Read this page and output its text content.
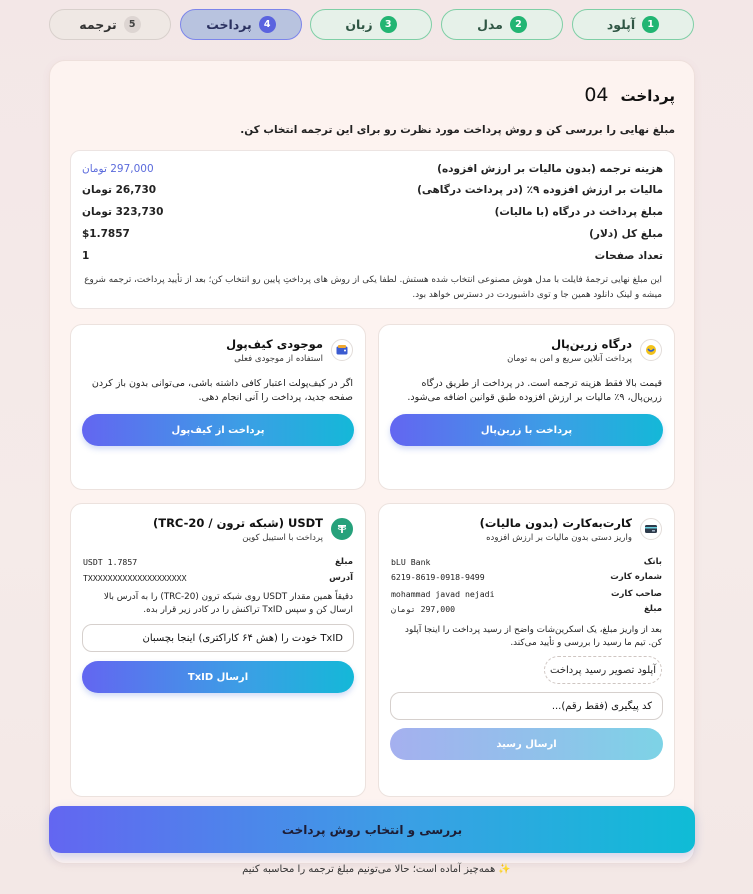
1
آپلود
2
مدل
3
زبان
4
پرداخت
5
ترجمه
پرداخت
04
مبلغ نهایی را بررسی کن و روش پرداخت مورد نظرت رو برای این ترجمه انتخاب کن.
هزینه ترجمه (بدون مالیات بر ارزش افزوده)
297,000 تومان
مالیات بر ارزش افزوده ۹٪ (در پرداخت درگاهی)
26,730 تومان
مبلغ پرداخت در درگاه (با مالیات)
323,730 تومان
مبلغ کل (دلار)
$1.7857
تعداد صفحات
1
این مبلغ نهایی ترجمهٔ فایلت با مدل هوش مصنوعی انتخاب شده هستش. لطفا یکی از روش های پرداختِ پایین رو انتخاب کن؛ بعد از تأیید پرداخت، ترجمه شروع میشه و لینک دانلود همین جا و توی داشبوردت در دسترس خواهد بود.
درگاه زرین‌پال
پرداخت آنلاین سریع و امن به تومان
قیمت بالا فقط هزینه ترجمه است. در پرداخت از طریق درگاه زرین‌پال، ۹٪ مالیات بر ارزش افزوده طبق قوانین اضافه می‌شود.
پرداخت با زرین‌پال
موجودی کیف‌پول
استفاده از موجودی فعلی
اگر در کیف‌پولت اعتبار کافی داشته باشی، می‌توانی بدون باز کردن صفحه جدید، پرداخت را آنی انجام دهی.
پرداخت از کیف‌پول
کارت‌به‌کارت (بدون مالیات)
واریز دستی بدون مالیات بر ارزش افزوده
بانک
bLU Bank
شماره کارت
6219-8619-0918-9499
صاحب کارت
mohammad javad nejadi
مبلغ
297,000 تومان
بعد از واریز مبلغ، یک اسکرین‌شات واضح از رسید پرداخت را اینجا آپلود کن. تیم ما رسید را بررسی و تأیید می‌کند.
آپلود تصویر رسید پرداخت
کد پیگیری (فقط رقم)...
ارسال رسید
USDT (شبکه ترون / TRC-20)
پرداخت با استیبل کوین
مبلغ
USDT 1.7857
آدرس
TXXXXXXXXXXXXXXXXXXXX
دقیقاً همین مقدار USDT روی شبکه ترون (TRC-20) را به آدرس بالا ارسال کن و سپس TxID تراکنش را در کادر زیر قرار بده.
TxID خودت را (هش ۶۴ کاراکتری) اینجا بچسبان
ارسال TxID
بررسی و انتخاب روش پرداخت
✨ همه‌چیز آماده است؛ حالا می‌تونیم مبلغ ترجمه را محاسبه کنیم
